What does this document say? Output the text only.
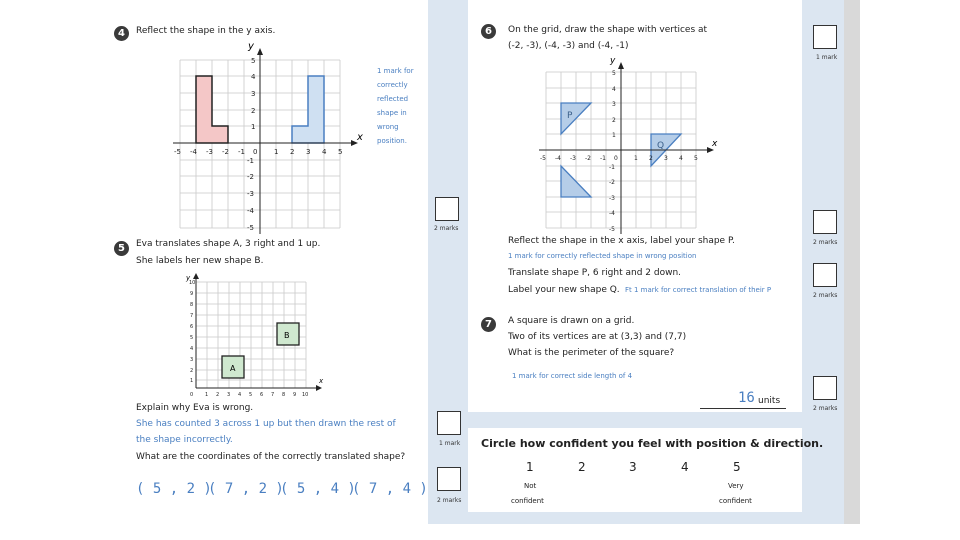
4	Reflect the shape in the y axis.
y
x
5
4
3
2
1
-1
-2
-3
-4
-5
-5 -4 -3 -2 -1 0 1 2 3 4 5
1 mark for
correctly
reflected
shape in
wrong
position.
2 marks
5	Eva translates shape A, 3 right and 1 up.
She labels her new shape B.
A
B
y
x
10
9
8
7
6
5
4
3
2
1
0 1 2 3 4 5 6 7 8 9 10
Explain why Eva is wrong.
She has counted 3 across 1 up but then drawn the rest of
the shape incorrectly.
What are the coordinates of the correctly translated shape?
( 5 , 2 )
( 7 , 2 )
( 5 , 4 )
( 7 , 4 )
1 mark
2 marks
6	On the grid, draw the shape with vertices at
(-2, -3), (-4, -3) and (-4, -1)
P
Q
y
x
5
4
3
2
1
-1
-2
-3
-4
-5
-5 -4 -3 -2 -1 0	1 2 3 4 5
1 mark
Reflect the shape in the x axis, label your shape P.
1 mark for correctly reflected shape in wrong position
Translate shape P, 6 right and 2 down.
Label your new shape Q. Ft 1 mark for correct translation of their P
2 marks
2 marks
7	A square is drawn on a grid.
Two of its vertices are at (3,3) and (7,7)
What is the perimeter of the square?
1 mark for correct side length of 4
16 units
2 marks
Circle how confident you feel with position & direction.
1	2	3	4	5
Not
confident
Very
confident
